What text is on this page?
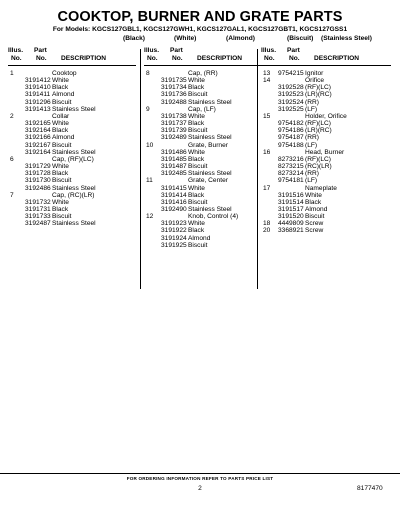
COOKTOP, BURNER AND GRATE PARTS
For Models: KGCS127GBL1, KGCS127GWH1, KGCS127GAL1, KGCS127GBT1, KGCS127GSS1
(Black)	(White)	(Almond)	(Biscuit) (Stainless Steel)
Illus.
No.
Part
No. DESCRIPTION
1	Cooktop
3191412 White
3191410 Black
3191411 Almond
3191296 Biscuit
3191413 Stainless Steel
2	Collar
3192165 White
3192164 Black
3192166 Almond
3192167 Biscuit
3192164 Stainless Steel
6	Cap, (RF)(LC)
3191729 White
3191728 Black
3191730 Biscuit
3192486 Stainless Steel
7	Cap, (RC)(LR)
3191732 White
3191731 Black
3191733 Biscuit
3192487 Stainless Steel
Illus.
No.
Part
No. DESCRIPTION
8	Cap, (RR)
3191735 White
3191734 Black
3191736 Biscuit
3192488 Stainless Steel
9	Cap, (LF)
3191738 White
3191737 Black
3191739 Biscuit
3192489 Stainless Steel
10	Grate, Burner
3191486 White
3191485 Black
3191487 Biscuit
3192485 Stainless Steel
11	Grate, Center
3191415 White
3191414 Black
3191416 Biscuit
3192490 Stainless Steel
12	Knob, Control (4)
3191923 White
3191922 Black
3191924 Almond
3191925 Biscuit
Illus.
No.
Part
No. DESCRIPTION
13 9754215 Ignitor
14	Orifice
3192528 (RF)(LC)
3192523 (LR)(RC)
3192524 (RR)
3192525 (LF)
15	Holder, Orifice
9754182 (RF)(LC)
9754186 (LR)(RC)
9754187 (RR)
9754188 (LF)
16	Head, Burner
8273216 (RF)(LC)
8273215 (RC)(LR)
8273214 (RR)
9754181 (LF)
17	Nameplate
3191516 White
3191514 Black
3191517 Almond
3191520 Biscuit
18 4449809 Screw
20 3368921 Screw
FOR ORDERING INFORMATION REFER TO PARTS PRICE LIST
2	8177470
